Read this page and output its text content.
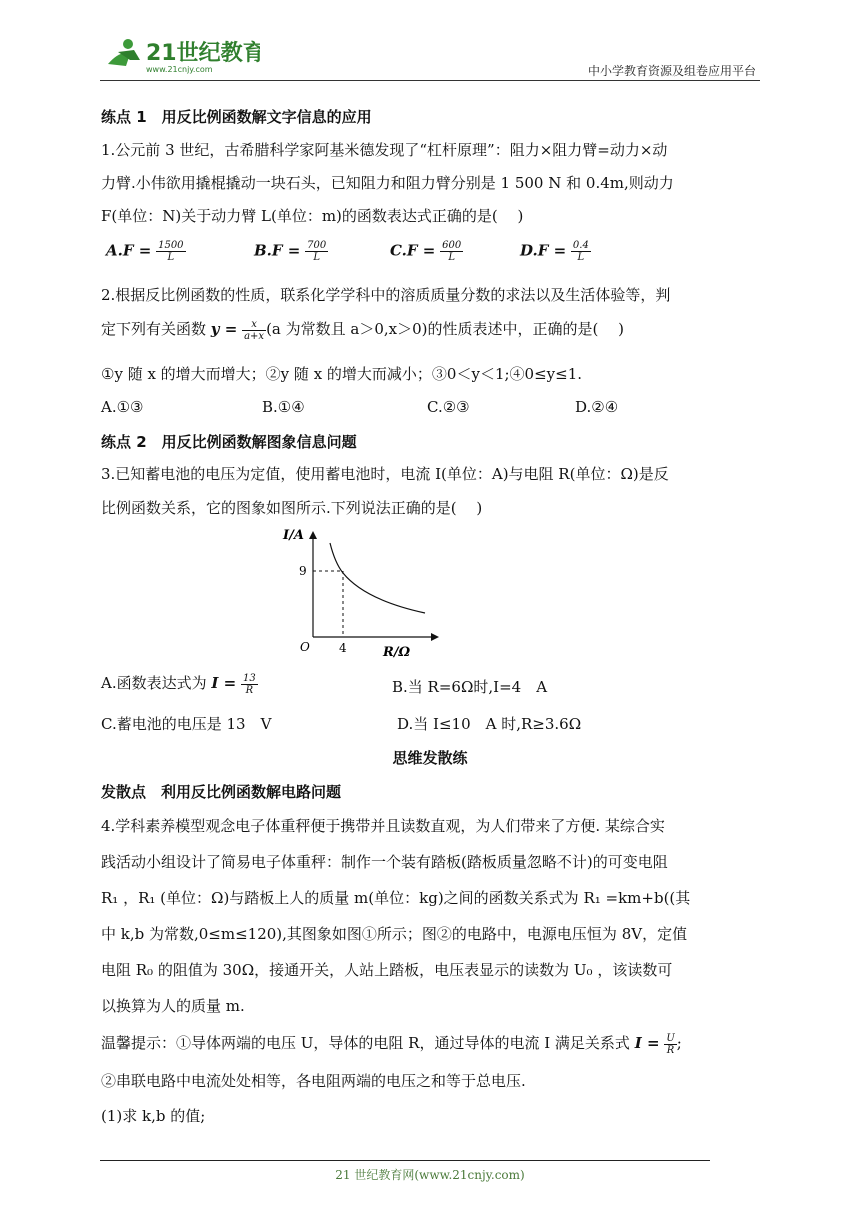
21世纪教育
www.21cnjy.com	中小学教育资源及组卷应用平台
练点 1　用反比例函数解文字信息的应用
1.公元前 3 世纪，古希腊科学家阿基米德发现了“杠杆原理”：阻力×阻力臂=动力×动
力臂.小伟欲用撬棍撬动一块石头，已知阻力和阻力臂分别是 1 500 N 和 0.4m,则动力
F(单位：N)关于动力臂 L(单位：m)的函数表达式正确的是(　 )
$A.F = \frac{1500}{L}$	$B.F = \frac{700}{L}$	$C.F = \frac{600}{L}$	$D.F = \frac{0.4}{L}$
2.根据反比例函数的性质，联系化学学科中的溶质质量分数的求法以及生活体验等，判
定下列有关函数 $y = \frac{x}{a+x} (a$ 为常数且 a＞0,x＞0)的性质表述中，正确的是(　 )
①y 随 x 的增大而增大；②y 随 x 的增大而减小；③0＜y＜1;④0≤y≤1.
A.①③	B.①④	C.②③	D.②④
练点 2　用反比例函数解图象信息问题
3.已知蓄电池的电压为定值，使用蓄电池时，电流 I(单位：A)与电阻 R(单位：Ω)是反
比例函数关系，它的图象如图所示.下列说法正确的是(　 )
I/A
R/Ω
O
9
4
A.函数表达式为 $I = \frac{13}{R}$	B.当 R=6Ω时,I=4　A
C.蓄电池的电压是 13　V	D.当 I≤10　A 时,R≥3.6Ω
思维发散练
发散点　利用反比例函数解电路问题
4.学科素养模型观念电子体重秤便于携带并且读数直观，为人们带来了方便. 某综合实
践活动小组设计了简易电子体重秤：制作一个装有踏板(踏板质量忽略不计)的可变电阻
R₁ ，R₁ (单位：Ω)与踏板上人的质量 m(单位：kg)之间的函数关系式为 R₁ =km+b((其
中 k,b 为常数,0≤m≤120),其图象如图①所示；图②的电路中，电源电压恒为 8V，定值
电阻 R₀ 的阻值为 30Ω，接通开关，人站上踏板，电压表显示的读数为 U₀ ，该读数可
以换算为人的质量 m.
温馨提示：①导体两端的电压 U，导体的电阻 R，通过导体的电流 I 满足关系式 $I = \frac{U}{R}$ ;
②串联电路中电流处处相等，各电阻两端的电压之和等于总电压.
(1)求 k,b 的值;
21 世纪教育网(www.21cnjy.com)
